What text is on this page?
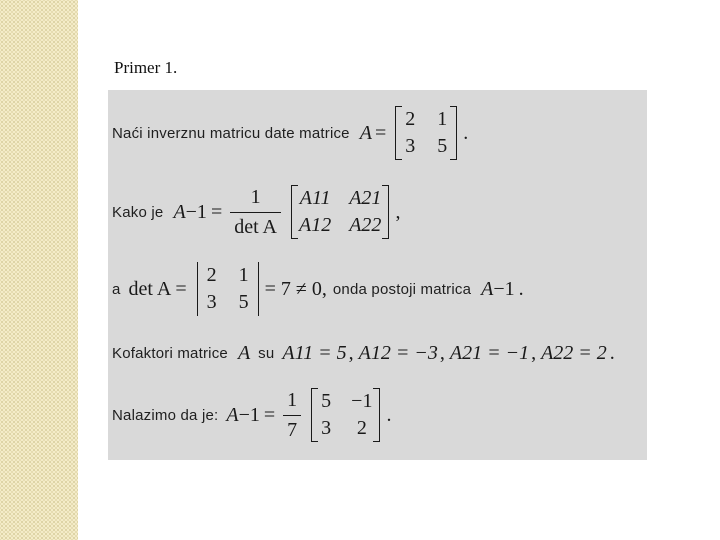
Primer 1.
Naći inverznu matricu date matrice A =
2 1
3 5
.
Kako je $A -1 = \frac{1}{\text{det A}} A11$ A21
A12 A22
,
a det A =
2 1
3 5
= 7 ≠ 0, onda postoji matrica A −1 .
Kofaktori matrice A su A11 = 5 , A12 = −3 , A21 = −1 , A22 = 2 .
Nalazimo da je: $A -1 = \frac{1}{7} 5 -1$
3 2
.
